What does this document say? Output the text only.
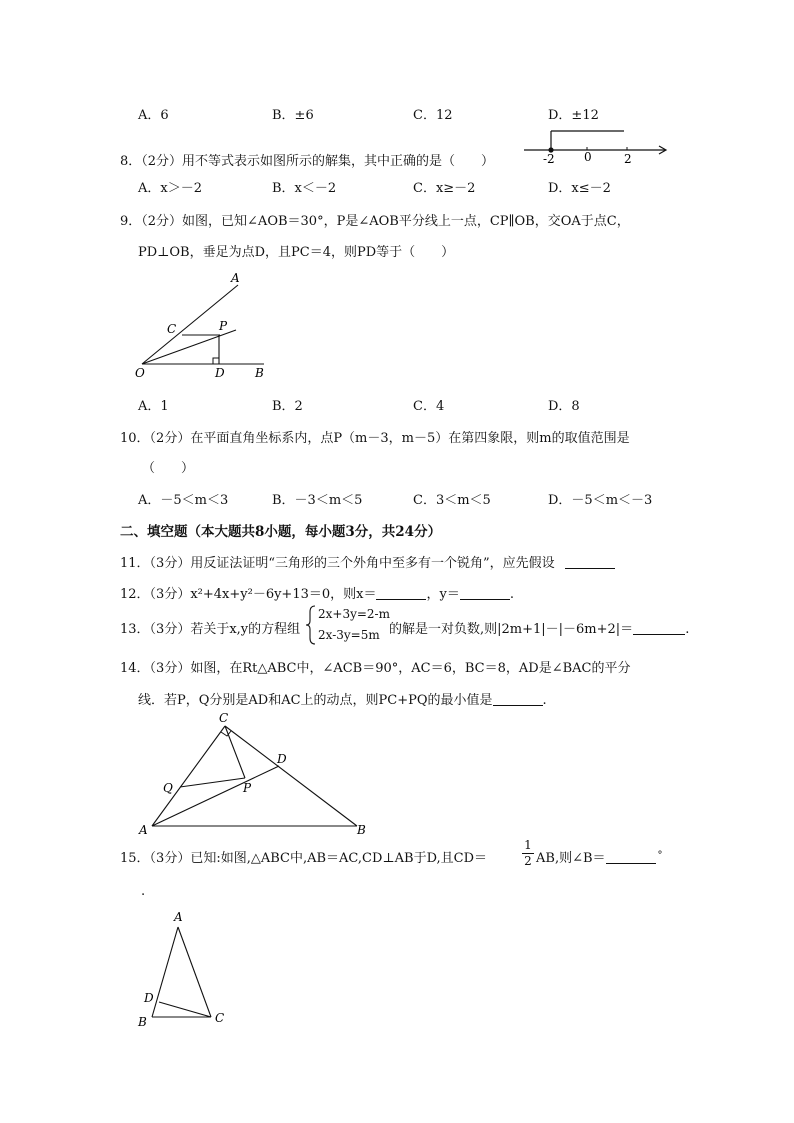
A．6	B．±6	C．12	D．±12
8．（2分）用不等式表示如图所示的解集，其中正确的是（　　）	-2 0	2
A．x＞－2	B．x＜－2	C．x≥－2	D．x≤－2
9．（2分）如图，已知∠AOB＝30°，P是∠AOB平分线上一点，CP∥OB，交OA于点C，
PD⊥OB，垂足为点D，且PC＝4，则PD等于（　　）
A
C	P
O	D	B
A．1	B．2	C．4	D．8
10．（2分）在平面直角坐标系内，点P（m－3，m－5）在第四象限，则m的取值范围是
（　　）
A．－5＜m＜3	B．－3＜m＜5	C．3＜m＜5	D．－5＜m＜－3
二、填空题（本大题共8小题，每小题3分，共24分）
11．（3分）用反证法证明“三角形的三个外角中至多有一个锐角”，应先假设
12．（3分）x²+4x+y²－6y+13＝0，则x＝	，y＝	.
13．（3分）若关于x,y的方程组
2x+3y=2-m
2x-3y=5m 的解是一对负数,则|2m+1|－|－6m+2|＝	.
14．（3分）如图，在Rt△ABC中，∠ACB＝90°，AC＝6，BC＝8，AD是∠BAC的平分
线．若P，Q分别是AD和AC上的动点，则PC+PQ的最小值是	.
C
D
Q	P
A	B
15．（3分）已知:如图,△ABC中,AB＝AC,CD⊥AB于D,且CD＝	$\frac{1}{2}$ AB,则∠B＝	°
.
A
D
B	C
